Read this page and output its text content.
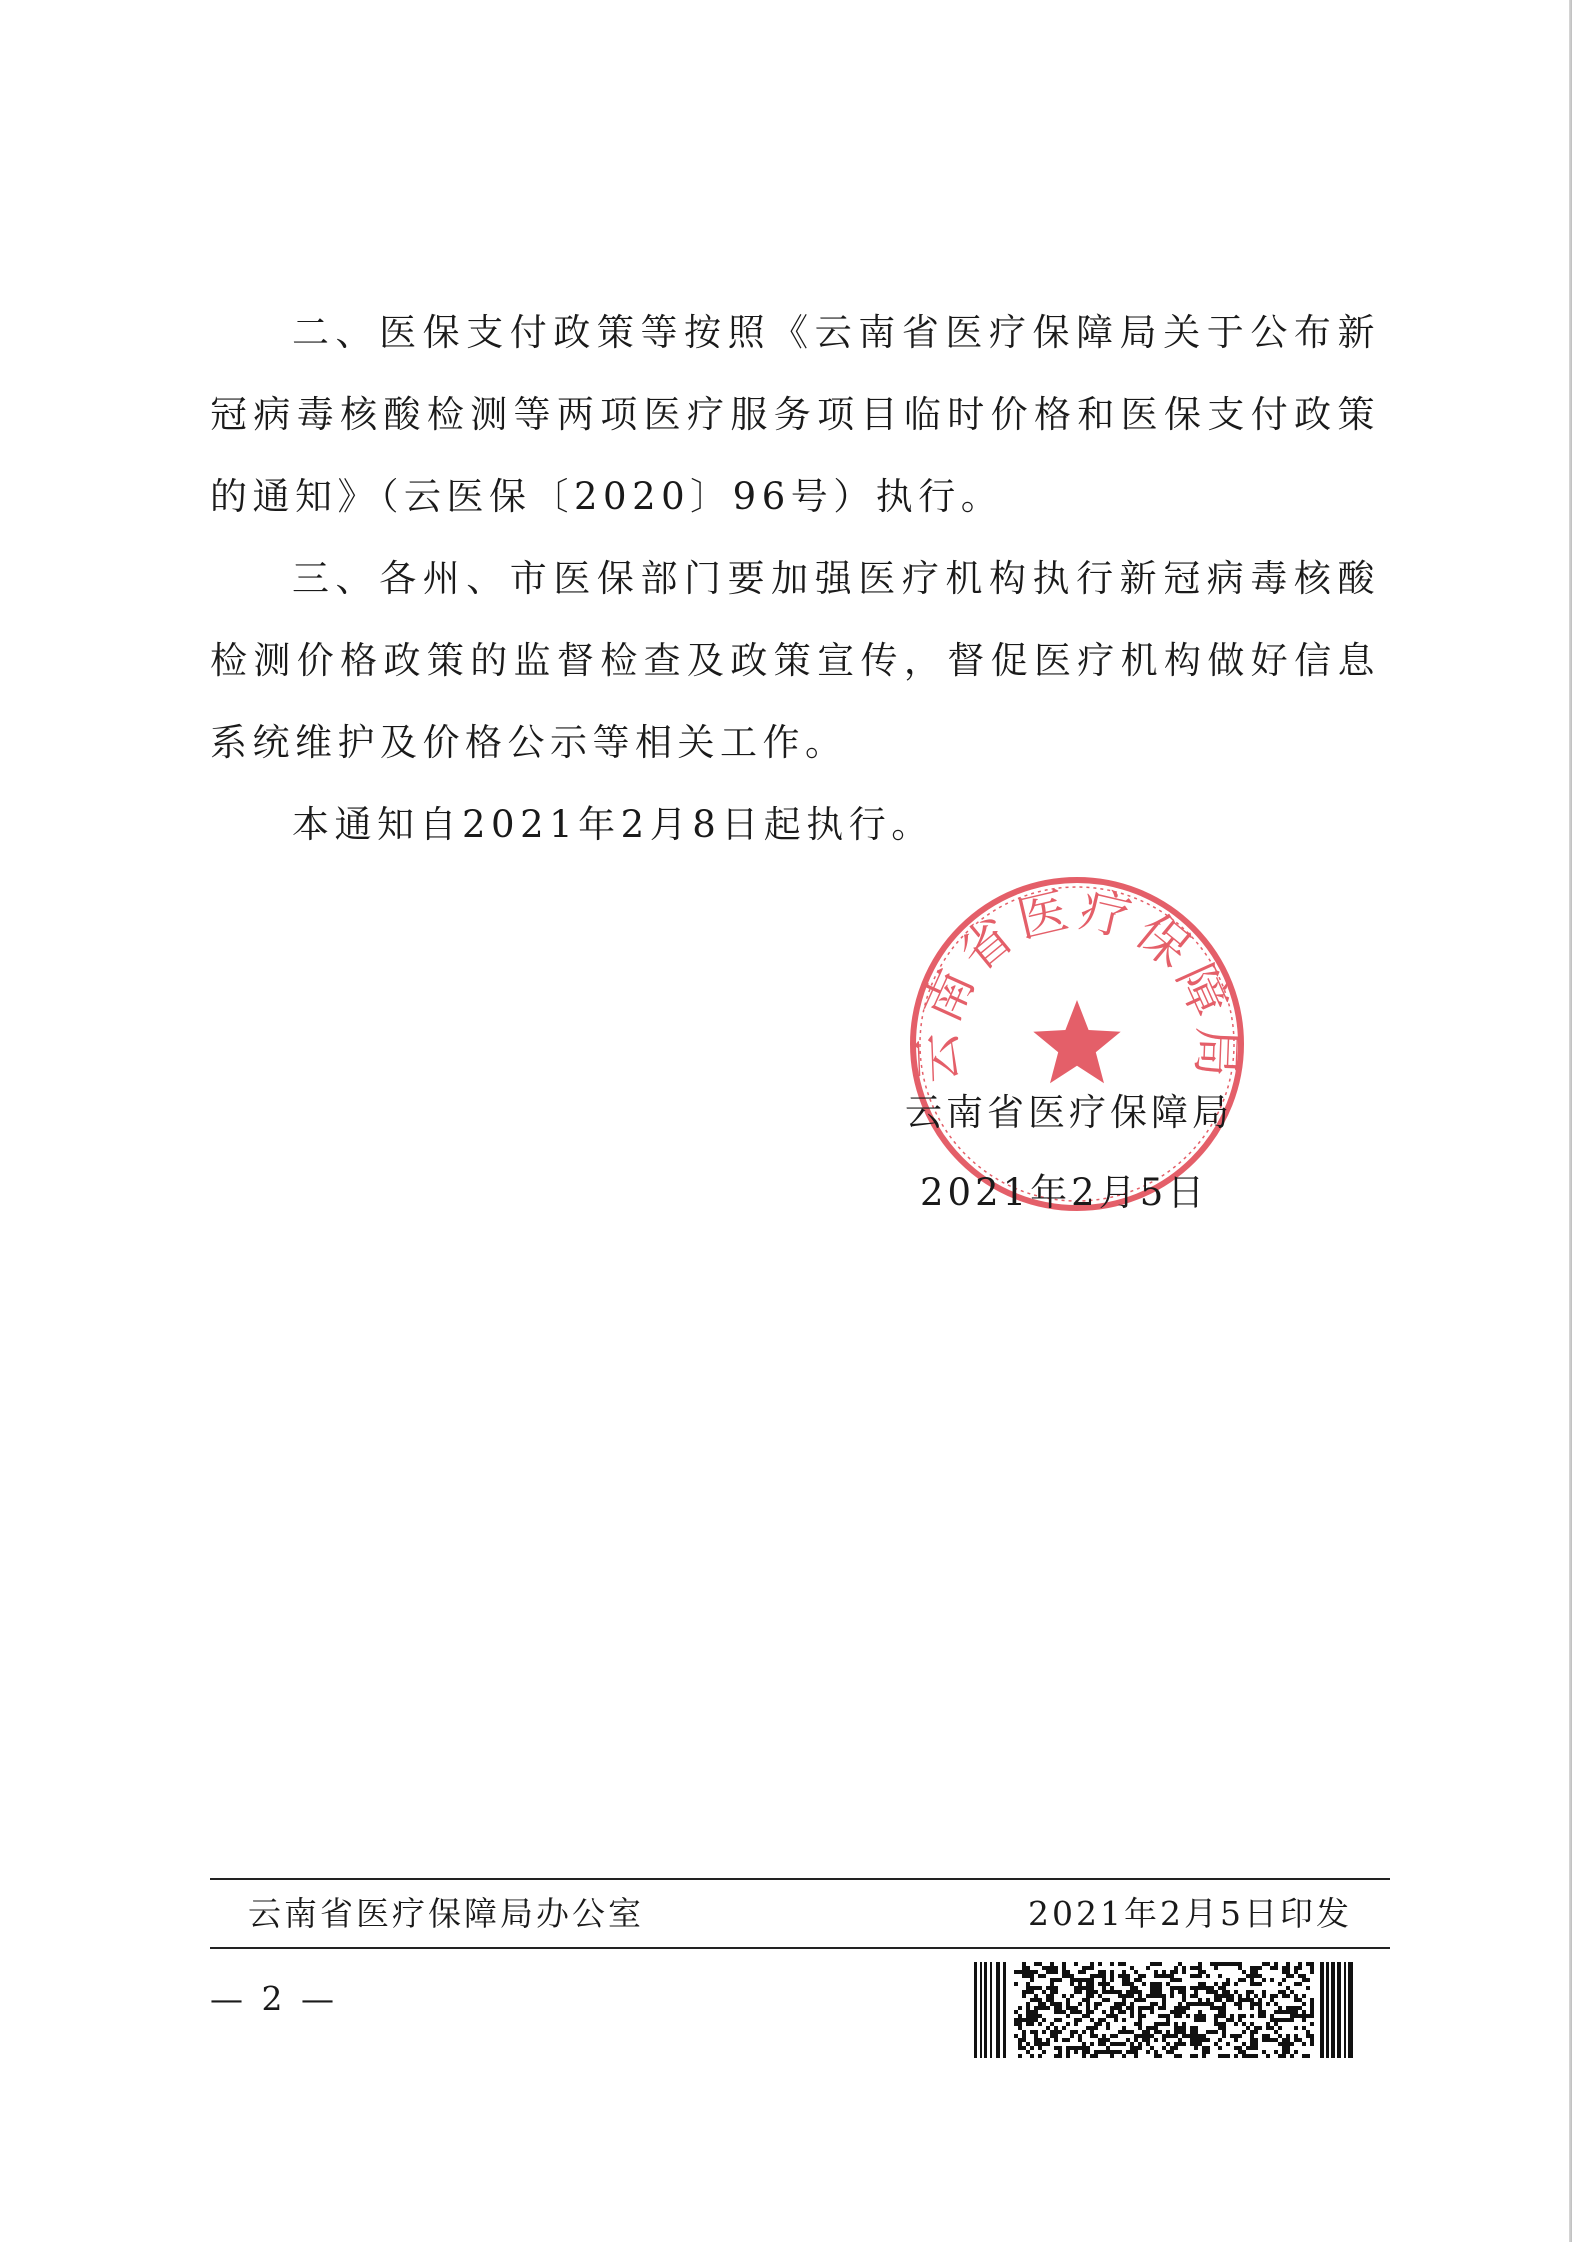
二、医保支付政策等按照《云南省医疗保障局关于公布新冠病毒核酸检测等两项医疗服务项目临时价格和医保支付政策的通知》（云医保〔2020〕96号）执行。

三、各州、市医保部门要加强医疗机构执行新冠病毒核酸检测价格政策的监督检查及政策宣传，督促医疗机构做好信息系统维护及价格公示等相关工作。

本通知自2021年2月8日起执行。

云南省医疗保障局
云南省医疗保障局
2021年2月5日
云南省医疗保障局办公室	2021年2月5日印发
— 2 —
